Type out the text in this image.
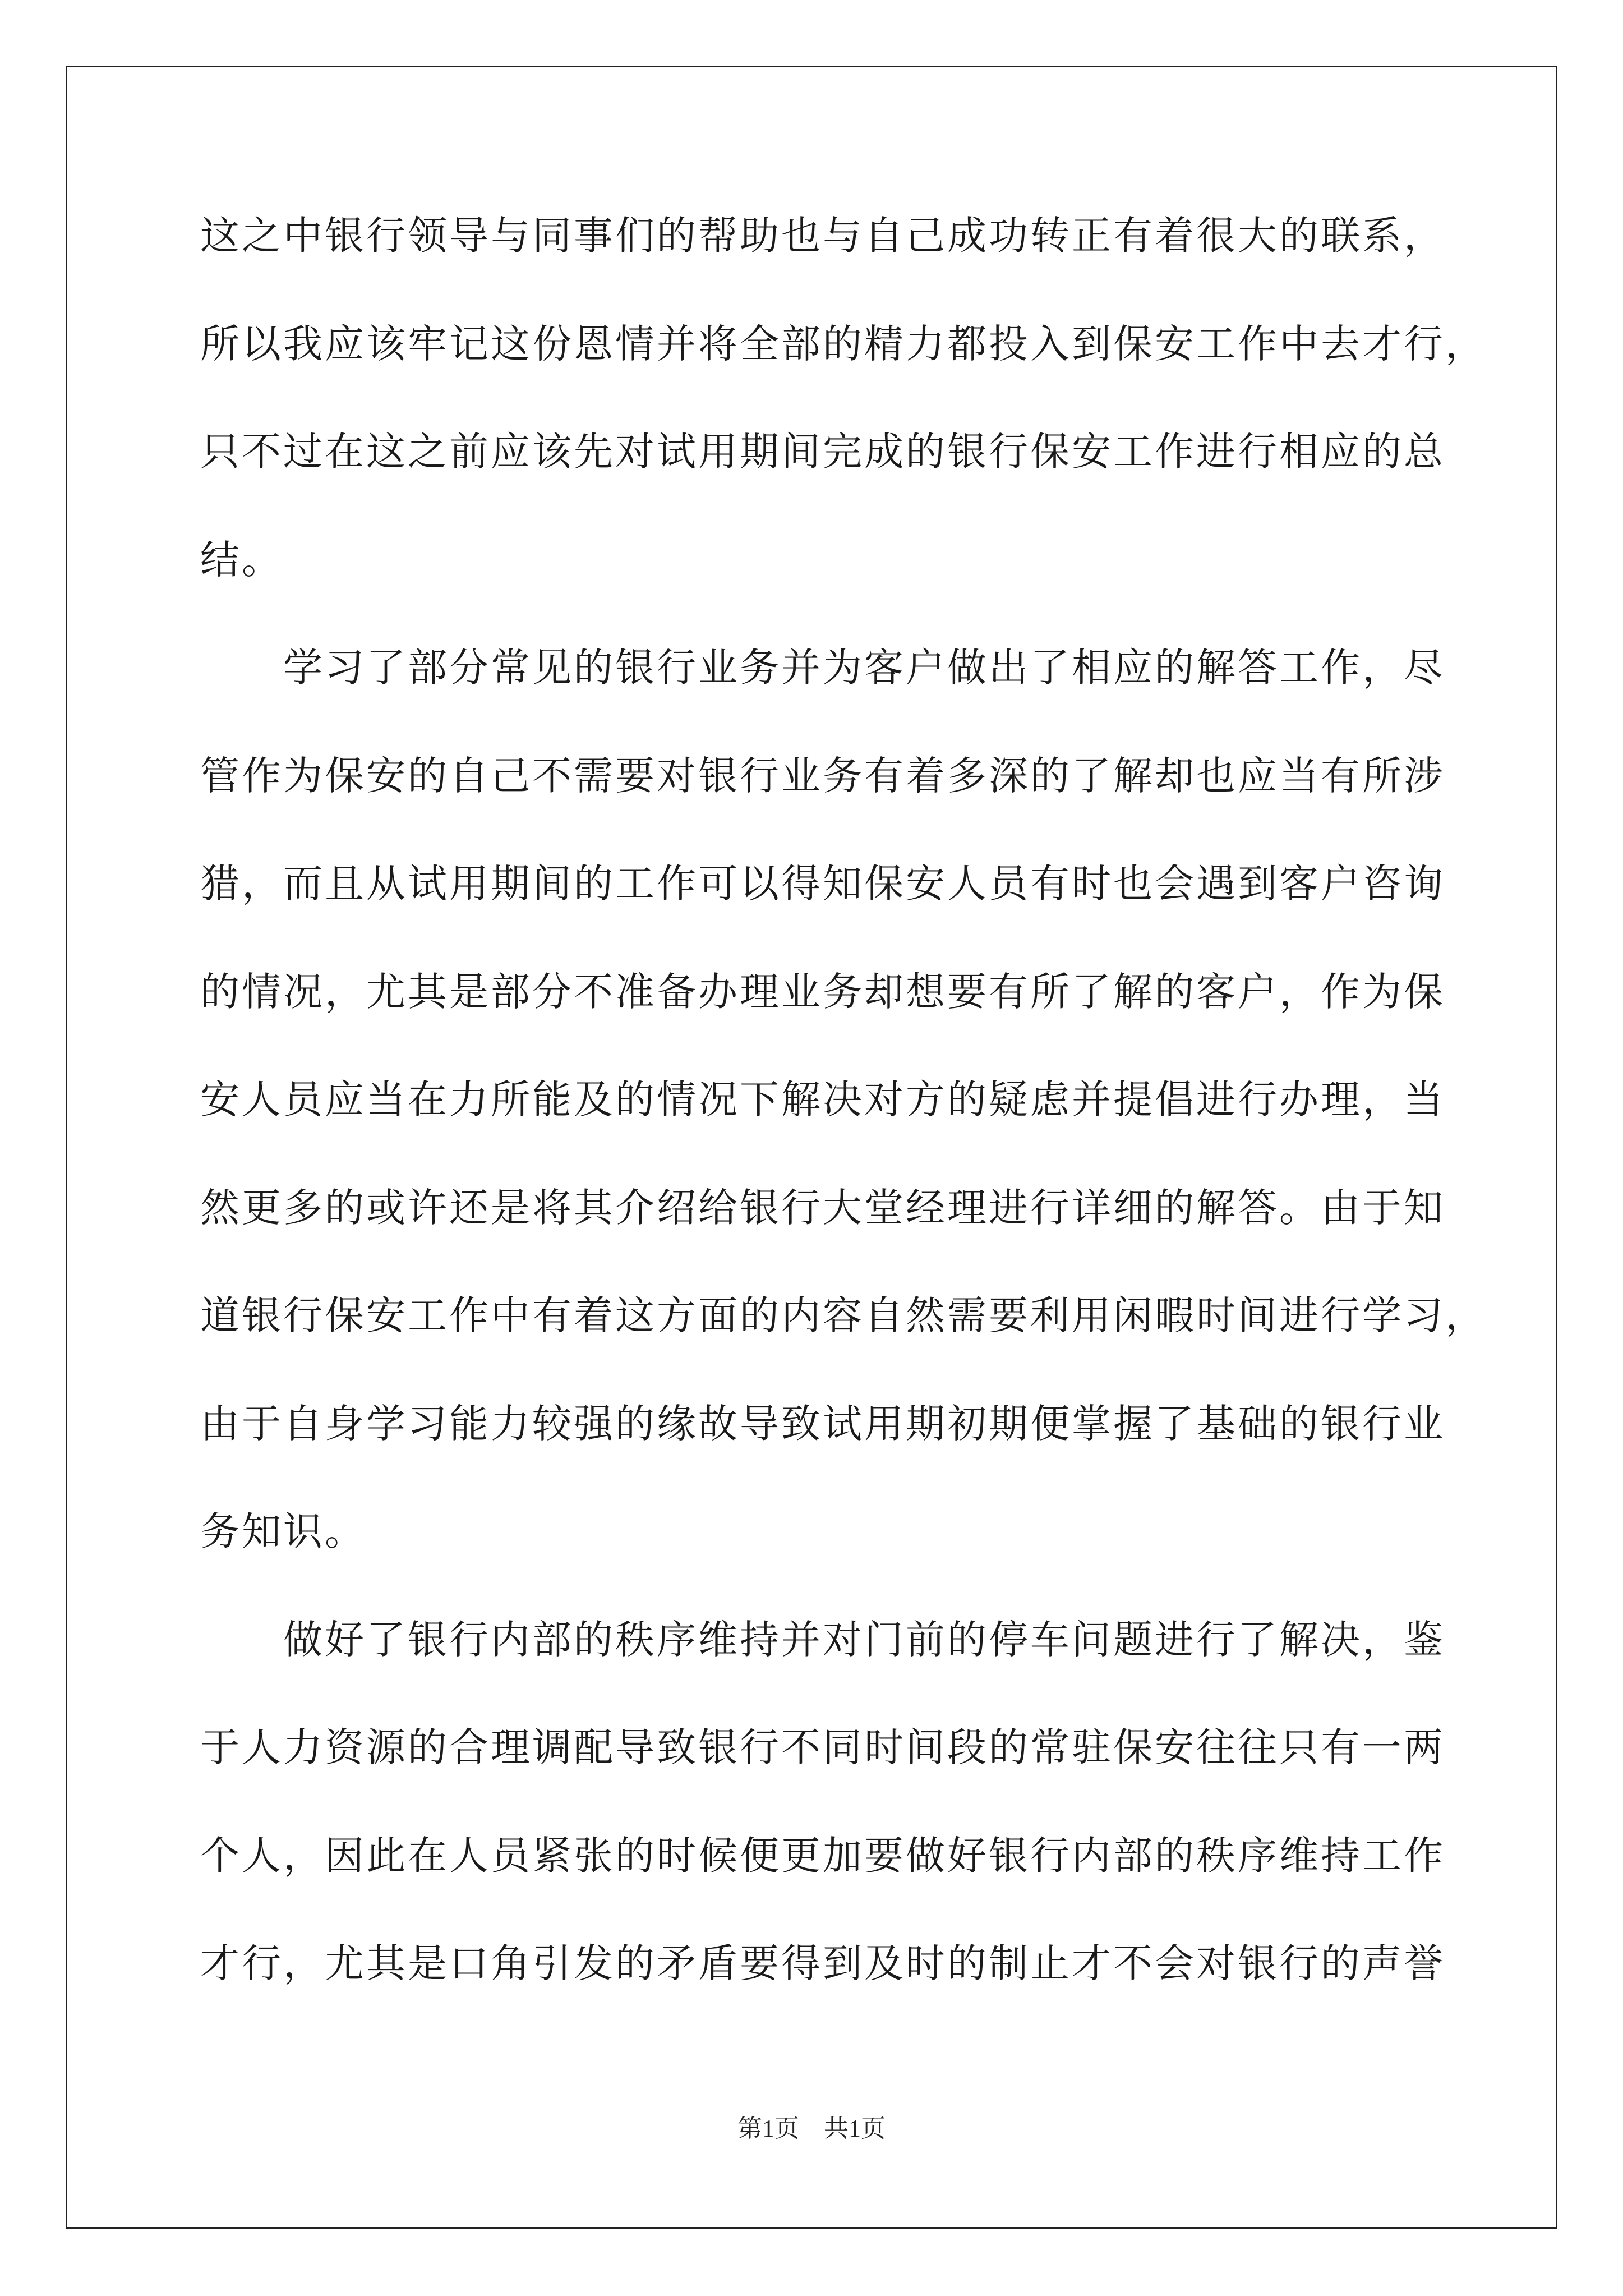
这之中银行领导与同事们的帮助也与自己成功转正有着很大的联系，

所以我应该牢记这份恩情并将全部的精力都投入到保安工作中去才行，

只不过在这之前应该先对试用期间完成的银行保安工作进行相应的总

结。

学习了部分常见的银行业务并为客户做出了相应的解答工作，尽

管作为保安的自己不需要对银行业务有着多深的了解却也应当有所涉

猎，而且从试用期间的工作可以得知保安人员有时也会遇到客户咨询

的情况，尤其是部分不准备办理业务却想要有所了解的客户，作为保

安人员应当在力所能及的情况下解决对方的疑虑并提倡进行办理，当

然更多的或许还是将其介绍给银行大堂经理进行详细的解答。由于知

道银行保安工作中有着这方面的内容自然需要利用闲暇时间进行学习，

由于自身学习能力较强的缘故导致试用期初期便掌握了基础的银行业

务知识。

做好了银行内部的秩序维持并对门前的停车问题进行了解决，鉴

于人力资源的合理调配导致银行不同时间段的常驻保安往往只有一两

个人，因此在人员紧张的时候便更加要做好银行内部的秩序维持工作

才行，尤其是口角引发的矛盾要得到及时的制止才不会对银行的声誉

第1页　共1页
